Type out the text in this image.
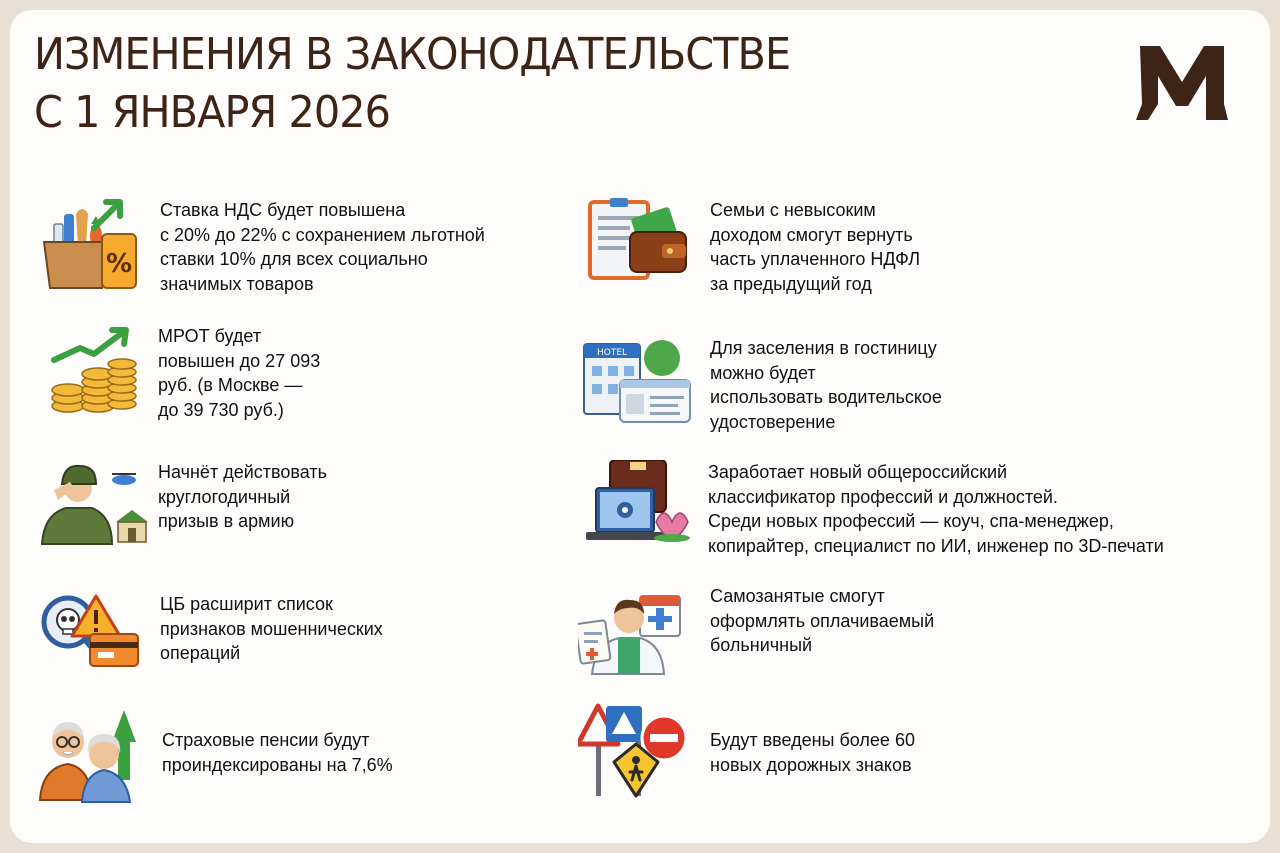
ИЗМЕНЕНИЯ В ЗАКОНОДАТЕЛЬСТВЕ
С 1 ЯНВАРЯ 2026
%
Ставка НДС будет повышена
с 20% до 22% с сохранением льготной
ставки 10% для всех социально
значимых товаров
Семьи с невысоким
доходом смогут вернуть
часть уплаченного НДФЛ
за предыдущий год
МРОТ будет
повышен до 27 093
руб. (в Москве —
до 39 730 руб.)
HOTEL	Для заселения в гостиницу
можно будет
использовать водительское
удостоверение
Начнёт действовать
круглогодичный
призыв в армию
Заработает новый общероссийский
классификатор профессий и должностей.
Среди новых профессий — коуч, спа-менеджер,
копирайтер, специалист по ИИ, инженер по 3D-печати
ЦБ расширит список
признаков мошеннических
операций
Самозанятые смогут
оформлять оплачиваемый
больничный
Страховые пенсии будут
проиндексированы на 7,6%
Будут введены более 60
новых дорожных знаков
